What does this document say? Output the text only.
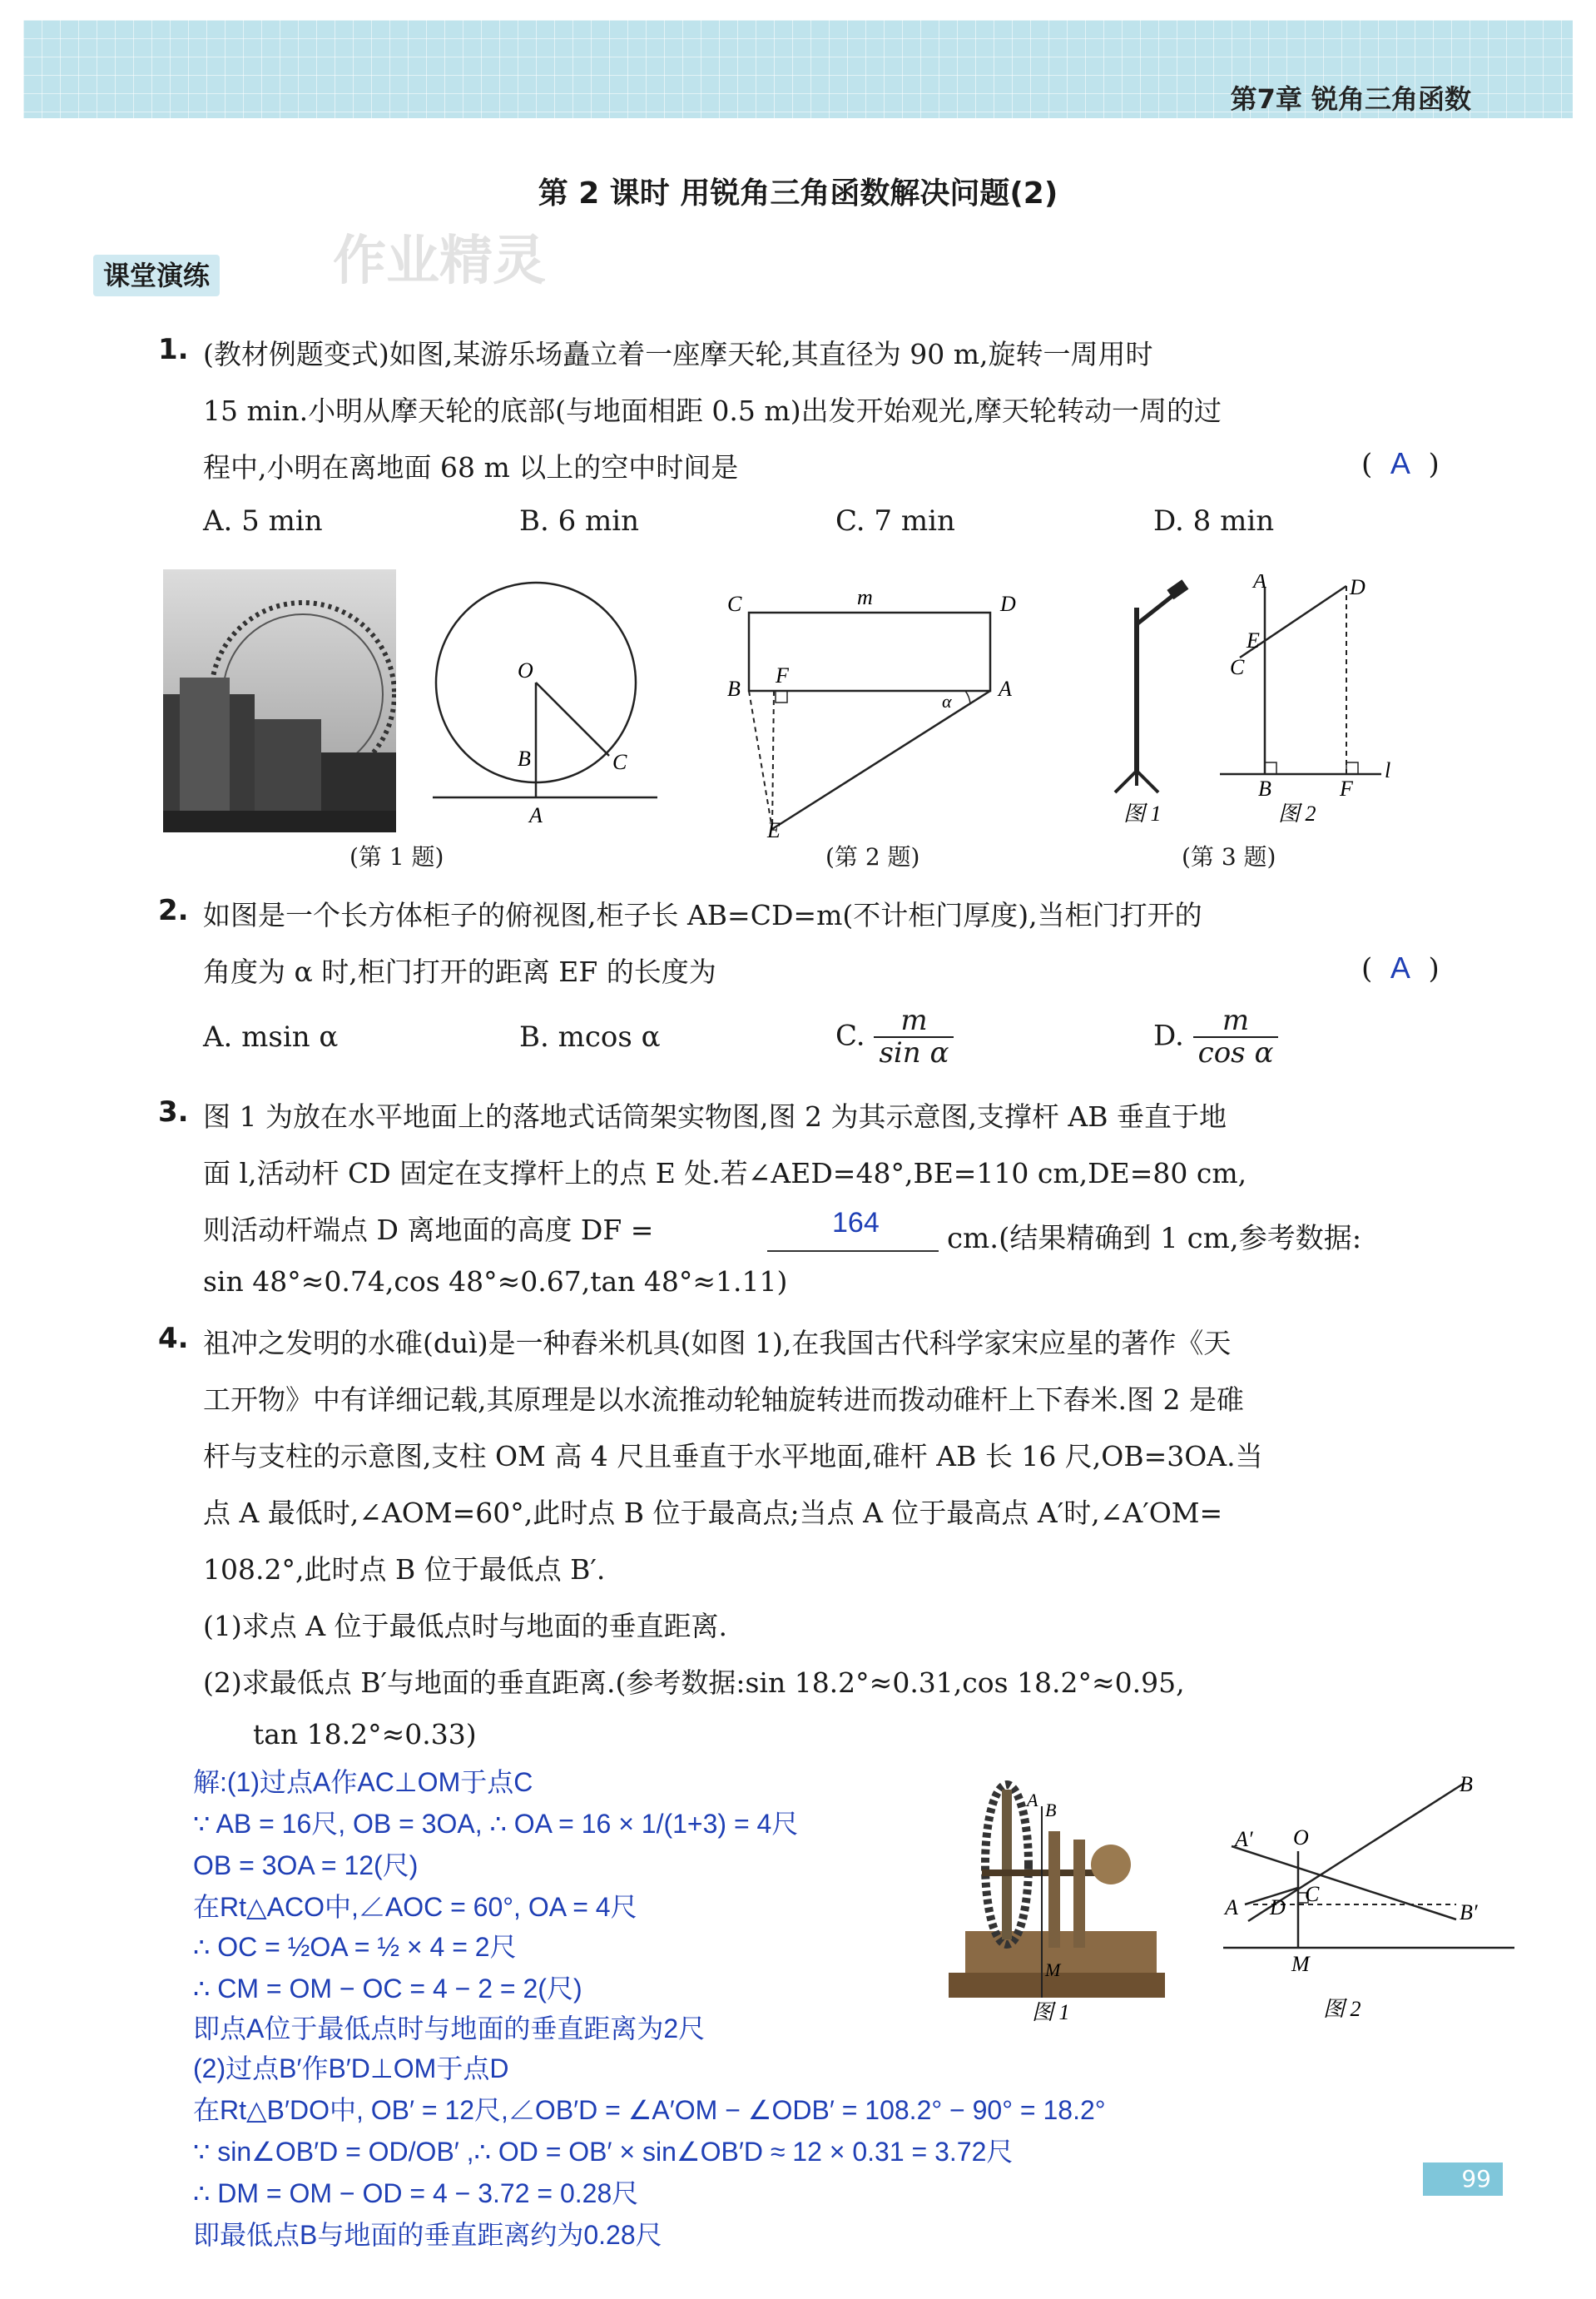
第7章 锐角三角函数
第 2 课时 用锐角三角函数解决问题(2)
课堂演练 作业精灵
1. (教材例题变式)如图,某游乐场矗立着一座摩天轮,其直径为 90 m,旋转一周用时
15 min.小明从摩天轮的底部(与地面相距 0.5 m)出发开始观光,摩天轮转动一周的过
程中,小明在离地面 68 m 以上的空中时间是	(  A  )
A. 5 min	B. 6 min	C. 7 min	D. 8 min
O
B	C
A
(第 1 题)
C	m	D
B
F
α
A
E
(第 2 题)
图 1
A	D
E
C
B	F
l
图 2
(第 3 题)
2. 如图是一个长方体柜子的俯视图,柜子长 AB=CD=m(不计柜门厚度),当柜门打开的
角度为 α 时,柜门打开的距离 EF 的长度为	(  A  )
A. msin α	B. mcos α	C. $\frac{m}{\text{sin α}}$	D. $\frac{m}{\text{cos α}}$
3. 图 1 为放在水平地面上的落地式话筒架实物图,图 2 为其示意图,支撑杆 AB 垂直于地
面 l,活动杆 CD 固定在支撑杆上的点 E 处.若∠AED=48°,BE=110 cm,DE=80 cm,
则活动杆端点 D 离地面的高度 DF =	164 cm.(结果精确到 1 cm,参考数据:
sin 48°≈0.74,cos 48°≈0.67,tan 48°≈1.11)
4. 祖冲之发明的水碓(duì)是一种舂米机具(如图 1),在我国古代科学家宋应星的著作《天
工开物》中有详细记载,其原理是以水流推动轮轴旋转进而拨动碓杆上下舂米.图 2 是碓
杆与支柱的示意图,支柱 OM 高 4 尺且垂直于水平地面,碓杆 AB 长 16 尺,OB=3OA.当
点 A 最低时,∠AOM=60°,此时点 B 位于最高点;当点 A 位于最高点 A′时,∠A′OM=
108.2°,此时点 B 位于最低点 B′.
(1)求点 A 位于最低点时与地面的垂直距离.
(2)求最低点 B′与地面的垂直距离.(参考数据:sin 18.2°≈0.31,cos 18.2°≈0.95,
tan 18.2°≈0.33)
A B
M
图 1
A′ O
B
A
C
D	B′
M
图 2
解:(1)过点A作AC⊥OM于点C
∵ AB = 16尺, OB = 3OA, ∴ OA = 16 × 1/(1+3) = 4尺
OB = 3OA = 12(尺)
在Rt△ACO中,∠AOC = 60°, OA = 4尺
∴ OC = ½OA = ½ × 4 = 2尺
∴ CM = OM − OC = 4 − 2 = 2(尺)
即点A位于最低点时与地面的垂直距离为2尺
(2)过点B′作B′D⊥OM于点D
在Rt△B′DO中, OB′ = 12尺,∠OB′D = ∠A′OM − ∠ODB′ = 108.2° − 90° = 18.2°
∵ sin∠OB′D = OD/OB′ ,∴ OD = OB′ × sin∠OB′D ≈ 12 × 0.31 = 3.72尺
∴ DM = OM − OD = 4 − 3.72 = 0.28尺
即最低点B与地面的垂直距离约为0.28尺
99
